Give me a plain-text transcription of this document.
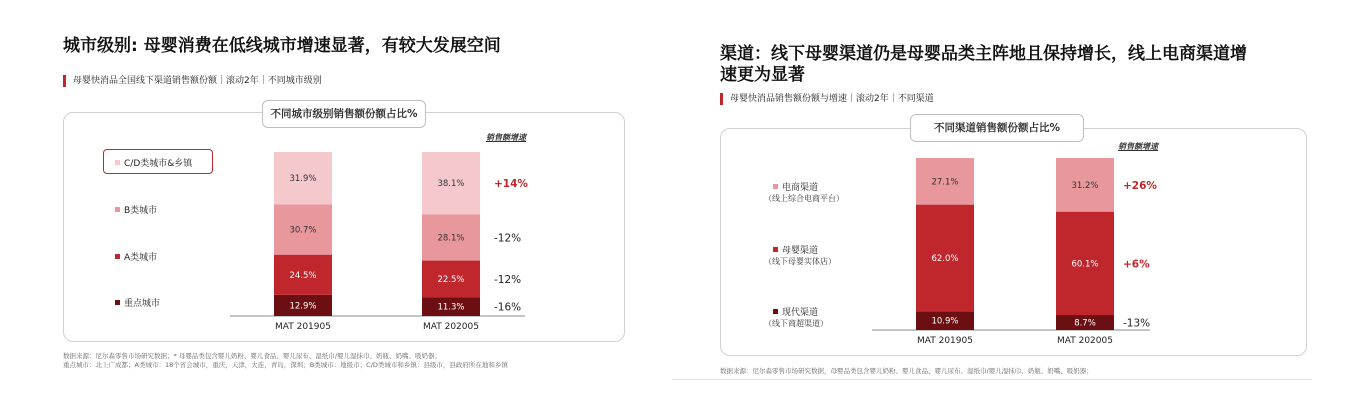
城市级别: 母婴消费在低线城市增速显著，有较大发展空间
母婴快消品全国线下渠道销售额份额｜滚动2年｜不同城市级别
不同城市级别销售额份额占比%
销售额增速
C/D类城市&乡镇
B类城市
A类城市
重点城市	12.9%
24.5%
30.7%
31.9%
MAT 201905
11.3%	-16%
22.5%	-12%
28.1%	-12%
38.1%	+14%
MAT 202005
数据来源：尼尔森零售市场研究数据；* 母婴品类包含婴儿奶粉、婴儿食品、婴儿尿布、湿纸巾/婴儿湿抹巾、奶瓶、奶嘴、吸奶器；
重点城市：北上广成都；A类城市：18个省会城市，重庆，天津，大连，青岛，深圳；B类城市：地级市；C/D类城市和乡镇：县级市，县政府所在地和乡镇
渠道：线下母婴渠道仍是母婴品类主阵地且保持增长，线上电商渠道增
速更为显著
母婴快消品销售额份额与增速｜滚动2年｜不同渠道
不同渠道销售额份额占比%
销售额增速
电商渠道
（线上综合电商平台）
母婴渠道
（线下母婴实体店）
现代渠道
（线下商超渠道）	10.9%
62.0%
27.1%
MAT 201905
8.7%	-13%
60.1% +6%
31.2% +26%
MAT 202005
数据来源：尼尔森零售市场研究数据，母婴品类包含婴儿奶粉、婴儿食品、婴儿尿布、湿纸巾/婴儿湿抹巾、奶瓶、奶嘴、吸奶器；
